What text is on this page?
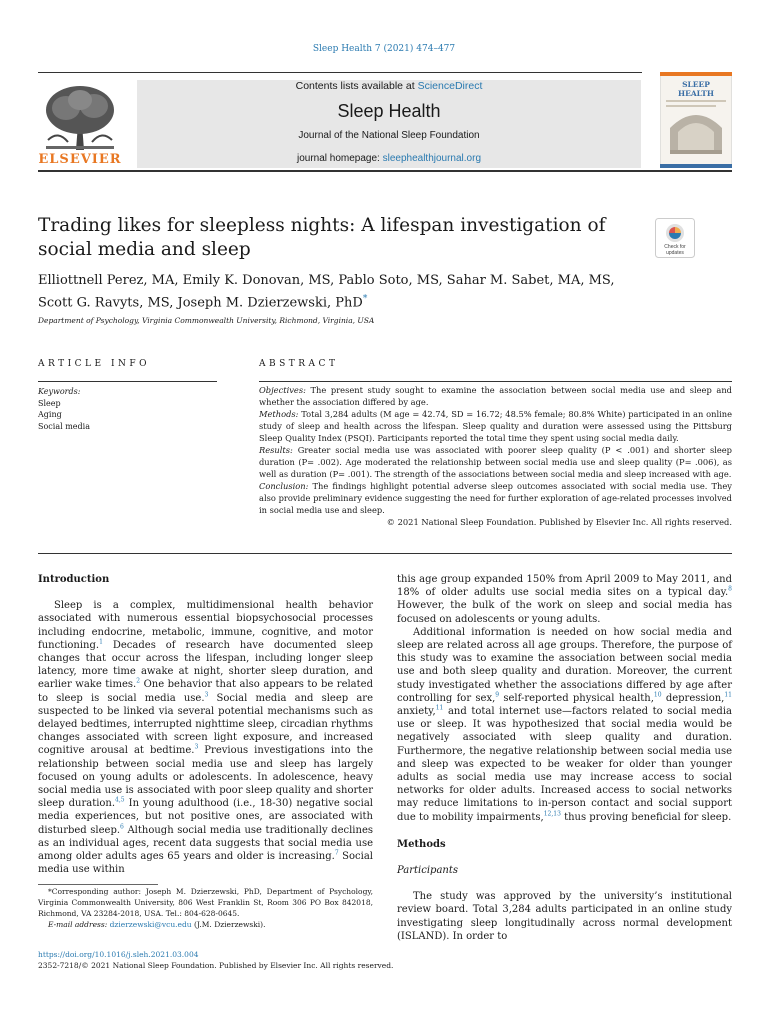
Sleep Health 7 (2021) 474–477
ELSEVIER
Contents lists available at ScienceDirect
Sleep Health
Journal of the National Sleep Foundation
journal homepage: sleephealthjournal.org
SLEEP HEALTH
Trading likes for sleepless nights: A lifespan investigation of social media and sleep	Check for updates
Elliottnell Perez, MA, Emily K. Donovan, MS, Pablo Soto, MS, Sahar M. Sabet, MA, MS, Scott G. Ravyts, MS, Joseph M. Dzierzewski, PhD*
Department of Psychology, Virginia Commonwealth University, Richmond, Virginia, USA
ARTICLE INFO	ABSTRACT
Keywords:
Sleep
Aging
Social media
Objectives: The present study sought to examine the association between social media use and sleep and whether the association differed by age.
Methods: Total 3,284 adults (M age = 42.74, SD = 16.72; 48.5% female; 80.8% White) participated in an online study of sleep and health across the lifespan. Sleep quality and duration were assessed using the Pittsburg Sleep Quality Index (PSQI). Participants reported the total time they spent using social media daily.
Results: Greater social media use was associated with poorer sleep quality (P < .001) and shorter sleep duration (P= .002). Age moderated the relationship between social media use and sleep quality (P= .006), as well as duration (P= .001). The strength of the associations between social media and sleep increased with age.
Conclusion: The findings highlight potential adverse sleep outcomes associated with social media use. They also provide preliminary evidence suggesting the need for further exploration of age-related processes involved in social media use and sleep.
© 2021 National Sleep Foundation. Published by Elsevier Inc. All rights reserved.
Introduction

Sleep is a complex, multidimensional health behavior associated with numerous essential biopsychosocial processes including endocrine, metabolic, immune, cognitive, and motor functioning.$^1$ Decades of research have documented sleep changes that occur across the lifespan, including longer sleep latency, more time awake at night, shorter sleep duration, and earlier wake times.$^2$ One behavior that also appears to be related to sleep is social media use.$^3$ Social media and sleep are suspected to be linked via several potential mechanisms such as delayed bedtimes, interrupted nighttime sleep, circadian rhythms changes associated with screen light exposure, and increased cognitive arousal at bedtime.$^3$ Previous investigations into the relationship between social media use and sleep has largely focused on young adults or adolescents. In adolescence, heavy social media use is associated with poor sleep quality and shorter sleep duration.$^{4,5}$ In young adulthood (i.e., 18-30) negative social media experiences, but not positive ones, are associated with disturbed sleep.$^6$ Although social media use traditionally declines as an individual ages, recent data suggests that social media use among older adults ages 65 years and older is increasing.$^7$ Social media use within

this age group expanded 150% from April 2009 to May 2011, and 18% of older adults use social media sites on a typical day.$^8$ However, the bulk of the work on sleep and social media has focused on adolescents or young adults.

Additional information is needed on how social media and sleep are related across all age groups. Therefore, the purpose of this study was to examine the association between social media use and both sleep quality and duration. Moreover, the current study investigated whether the associations differed by age after controlling for sex,$^9$ self-reported physical health,$^{10}$ depression,$^{11}$ anxiety,$^{11}$ and total internet use—factors related to social media use or sleep. It was hypothesized that social media would be negatively associated with sleep quality and duration. Furthermore, the negative relationship between social media use and sleep was expected to be weaker for older than younger adults as social media use may increase access to social networks for older adults. Increased access to social networks may reduce limitations to in-person contact and social support due to mobility impairments,$^{12,13}$ thus proving beneficial for sleep.

Methods
Participants

The study was approved by the university’s institutional review board. Total 3,284 adults participated in an online study investigating sleep longitudinally across normal development (ISLAND). In order to

*Corresponding author: Joseph M. Dzierzewski, PhD, Department of Psychology, Virginia Commonwealth University, 806 West Franklin St, Room 306 PO Box 842018, Richmond, VA 23284-2018, USA. Tel.: 804-628-0645.
E-mail address: dzierzewski@vcu.edu (J.M. Dzierzewski).
https://doi.org/10.1016/j.sleh.2021.03.004
2352-7218/© 2021 National Sleep Foundation. Published by Elsevier Inc. All rights reserved.
